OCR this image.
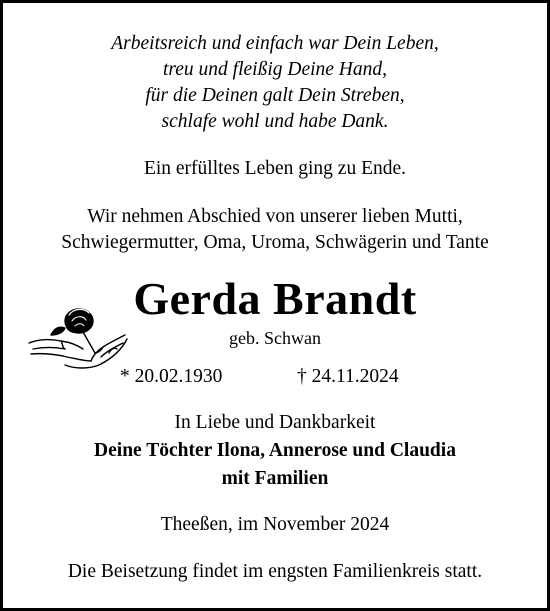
Arbeitsreich und einfach war Dein Leben,
treu und fleißig Deine Hand,
für die Deinen galt Dein Streben,
schlafe wohl und habe Dank.
Ein erfülltes Leben ging zu Ende.
Wir nehmen Abschied von unserer lieben Mutti,
Schwiegermutter, Oma, Uroma, Schwägerin und Tante
Gerda Brandt
geb. Schwan
* 20.02.1930	† 24.11.2024
In Liebe und Dankbarkeit
Deine Töchter Ilona, Annerose und Claudia
mit Familien
Theeßen, im November 2024
Die Beisetzung findet im engsten Familienkreis statt.
